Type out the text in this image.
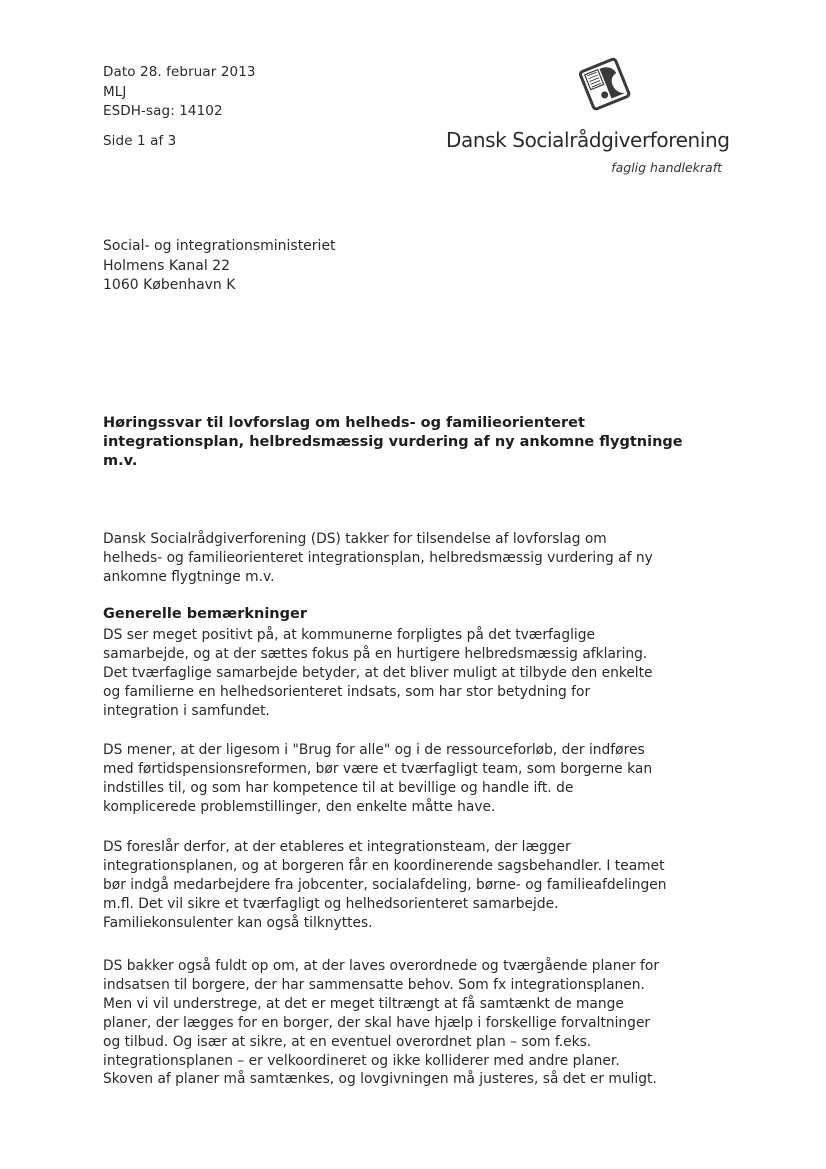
Dato 28. februar 2013
MLJ
ESDH-sag: 14102
Side 1 af 3	Dansk Socialrådgiverforening
faglig handlekraft
Social- og integrationsministeriet
Holmens Kanal 22
1060 København K
Høringssvar til lovforslag om helheds- og familieorienteret
integrationsplan, helbredsmæssig vurdering af ny ankomne flygtninge
m.v.
Dansk Socialrådgiverforening (DS) takker for tilsendelse af lovforslag om
helheds- og familieorienteret integrationsplan, helbredsmæssig vurdering af ny
ankomne flygtninge m.v.
Generelle bemærkninger
DS ser meget positivt på, at kommunerne forpligtes på det tværfaglige
samarbejde, og at der sættes fokus på en hurtigere helbredsmæssig afklaring.
Det tværfaglige samarbejde betyder, at det bliver muligt at tilbyde den enkelte
og familierne en helhedsorienteret indsats, som har stor betydning for
integration i samfundet.
DS mener, at der ligesom i "Brug for alle" og i de ressourceforløb, der indføres
med førtidspensionsreformen, bør være et tværfagligt team, som borgerne kan
indstilles til, og som har kompetence til at bevillige og handle ift. de
komplicerede problemstillinger, den enkelte måtte have.
DS foreslår derfor, at der etableres et integrationsteam, der lægger
integrationsplanen, og at borgeren får en koordinerende sagsbehandler. I teamet
bør indgå medarbejdere fra jobcenter, socialafdeling, børne- og familieafdelingen
m.fl. Det vil sikre et tværfagligt og helhedsorienteret samarbejde.
Familiekonsulenter kan også tilknyttes.
DS bakker også fuldt op om, at der laves overordnede og tværgående planer for
indsatsen til borgere, der har sammensatte behov. Som fx integrationsplanen.
Men vi vil understrege, at det er meget tiltrængt at få samtænkt de mange
planer, der lægges for en borger, der skal have hjælp i forskellige forvaltninger
og tilbud. Og især at sikre, at en eventuel overordnet plan – som f.eks.
integrationsplanen – er velkoordineret og ikke kolliderer med andre planer.
Skoven af planer må samtænkes, og lovgivningen må justeres, så det er muligt.
